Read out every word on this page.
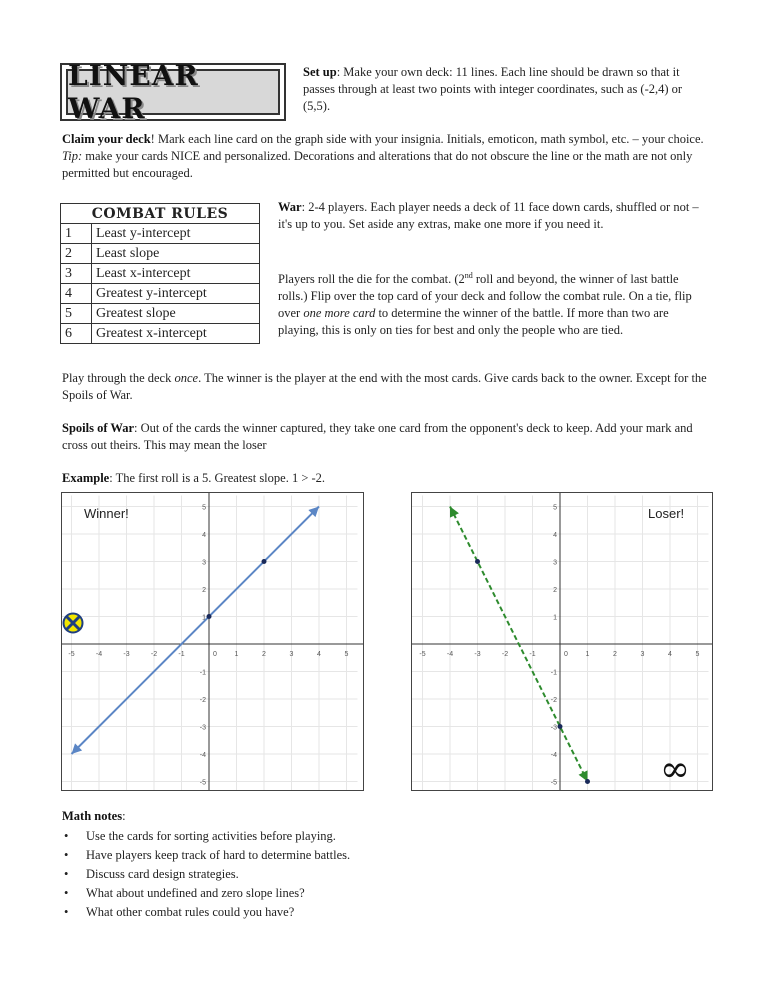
LINEAR WAR
Set up: Make your own deck: 11 lines. Each line should be drawn so that it passes through at least two points with integer coordinates, such as (-2,4) or (5,5).
Claim your deck! Mark each line card on the graph side with your insignia. Initials, emoticon, math symbol, etc. – your choice. Tip: make your cards NICE and personalized. Decorations and alterations that do not obscure the line or the math are not only permitted but encouraged.
COMBAT RULES	
1	Least y-intercept
2	Least slope
3	Least x-intercept
4	Greatest y-intercept
5	Greatest slope
6	Greatest x-intercept
War: 2-4 players. Each player needs a deck of 11 face down cards, shuffled or not – it's up to you. Set aside any extras, make one more if you need it.
Players roll the die for the combat. (2nd roll and beyond, the winner of last battle rolls.) Flip over the top card of your deck and follow the combat rule. On a tie, flip over one more card to determine the winner of the battle. If more than two are playing, this is only on ties for best and only the people who are tied.
Play through the deck once. The winner is the player at the end with the most cards. Give cards back to the owner. Except for the Spoils of War.
Spoils of War: Out of the cards the winner captured, they take one card from the opponent's deck to keep. Add your mark and cross out theirs. This may mean the loser
Example: The first roll is a 5. Greatest slope. 1 > -2.
-5	-4	-3	-2	-1	0	1	2	3	4	5
5
4
3
2
1
-1
-2
-3
-4
-5
Winner!
-5	-4	-3	-2	-1	0	1	2	3	4	5
5
4
3
2
1
-1
-2
-3
-4
-5
Loser!
∞
Math notes:
• Use the cards for sorting activities before playing.
• Have players keep track of hard to determine battles.
• Discuss card design strategies.
• What about undefined and zero slope lines?
• What other combat rules could you have?
